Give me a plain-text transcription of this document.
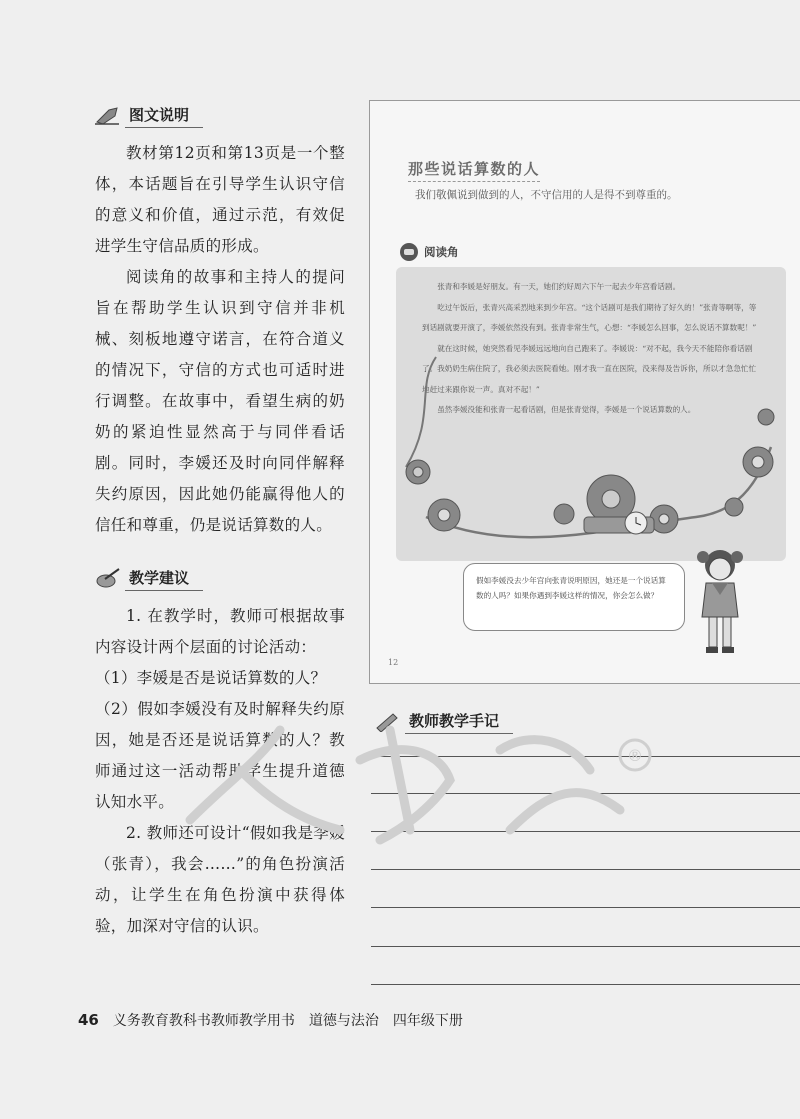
图文说明

教材第12页和第13页是一个整体，本话题旨在引导学生认识守信的意义和价值，通过示范，有效促进学生守信品质的形成。

阅读角的故事和主持人的提问旨在帮助学生认识到守信并非机械、刻板地遵守诺言，在符合道义的情况下，守信的方式也可适时进行调整。在故事中，看望生病的奶奶的紧迫性显然高于与同伴看话剧。同时，李媛还及时向同伴解释失约原因，因此她仍能赢得他人的信任和尊重，仍是说话算数的人。

教学建议

1. 在教学时，教师可根据故事内容设计两个层面的讨论活动：

（1）李媛是否是说话算数的人？

（2）假如李媛没有及时解释失约原因，她是否还是说话算数的人？教师通过这一活动帮助学生提升道德认知水平。

2. 教师还可设计“假如我是李媛（张青），我会……”的角色扮演活动，让学生在角色扮演中获得体验，加深对守信的认识。

那些说话算数的人
我们敬佩说到做到的人，不守信用的人是得不到尊重的。
阅读角

张青和李媛是好朋友。有一天，她们约好周六下午一起去少年宫看话剧。

吃过午饭后，张青兴高采烈地来到少年宫。“这个话剧可是我们期待了好久的！”张青等啊等，等到话剧就要开演了，李媛依然没有到。张青非常生气，心想：“李媛怎么回事，怎么说话不算数呢！”

就在这时候，她突然看见李媛远远地向自己跑来了。李媛说：“对不起，我今天不能陪你看话剧了。我奶奶生病住院了，我必须去医院看她。刚才我一直在医院，没来得及告诉你，所以才急急忙忙地赶过来跟你说一声。真对不起！”

虽然李媛没能和张青一起看话剧，但是张青觉得，李媛是一个说话算数的人。

假如李媛没去少年宫向张青说明原因，她还是一个说话算数的人吗？如果你遇到李媛这样的情况，你会怎么做？
12
教师教学手记
®
46 义务教育教科书教师教学用书 道德与法治 四年级下册
